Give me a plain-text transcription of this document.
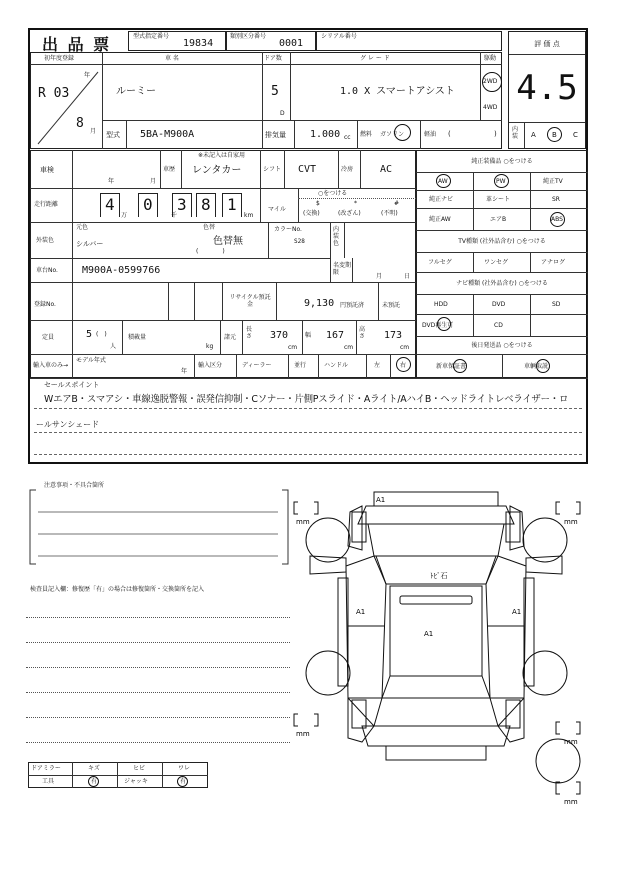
出 品 票	型式指定番号
19834
類別区分番号
0001
シリアル番号
評 価 点
4.5
内装	A B C
初年度登録	車 名	ドア数	グ レ ー ド	駆動
年
R 03
8
月
ルーミー	5
D
1.0 X スマートアシスト
2WD
4WD
型式 5BA-M900A	排気量 1.000 cc 燃料 ガソリン	軽油 (	)
車検
年	月
車歴
※未記入は自家用
レンタカー	シフト CVT	冷房	AC
走行距離	4 0 3 8 1
万	千	km
マイル
○をつける
$
(交換)
*
(改ざん)
#
(不明)
外装色
元色
シルバー
色替
色替無
(　　　　)
カラーNo.
S28
内装色
車台No. M900A-0599766	名変期限
月	日
登録No.
リサイクル預託金	9,130 円預託済	未預託
定員	5 (　)
人
積載量
kg
諸元
長さ 370
cm
幅 167
cm
高さ 173
cm
輸入車のみ→
モデル年式
年
輸入区分	ディーラー	並行	ハンドル	左	右
純正装備品 ○をつける
AW	PW	純正TV
純正ナビ	革シート	SR
純正AW	エアB	ABS
TV種類 (社外品含む) ○をつける
フルセグ	ワンセグ	アナログ
ナビ種類 (社外品含む) ○をつける
HDD	DVD	SD
DVD再生可	CD
後日発送品 ○をつける
新車保証書	車輌取説
セールスポイント
WエアB・スマアシ・車線逸脱警報・誤発信抑制・Cソナー・片側Pスライド・Aライト/AハイB・ヘッドライトレベライザー・ロ
ールサンシェード
注意事項・不具合箇所
検査員記入欄：修復歴「有」の場合は修復箇所・交換箇所を記入
ドアミラー	キズ	ヒビ	ワレ
工具	有	ジャッキ	有
A1
A1	A1
A1
ﾄﾋﾞ石
mm	mm
mm
mm
mm
